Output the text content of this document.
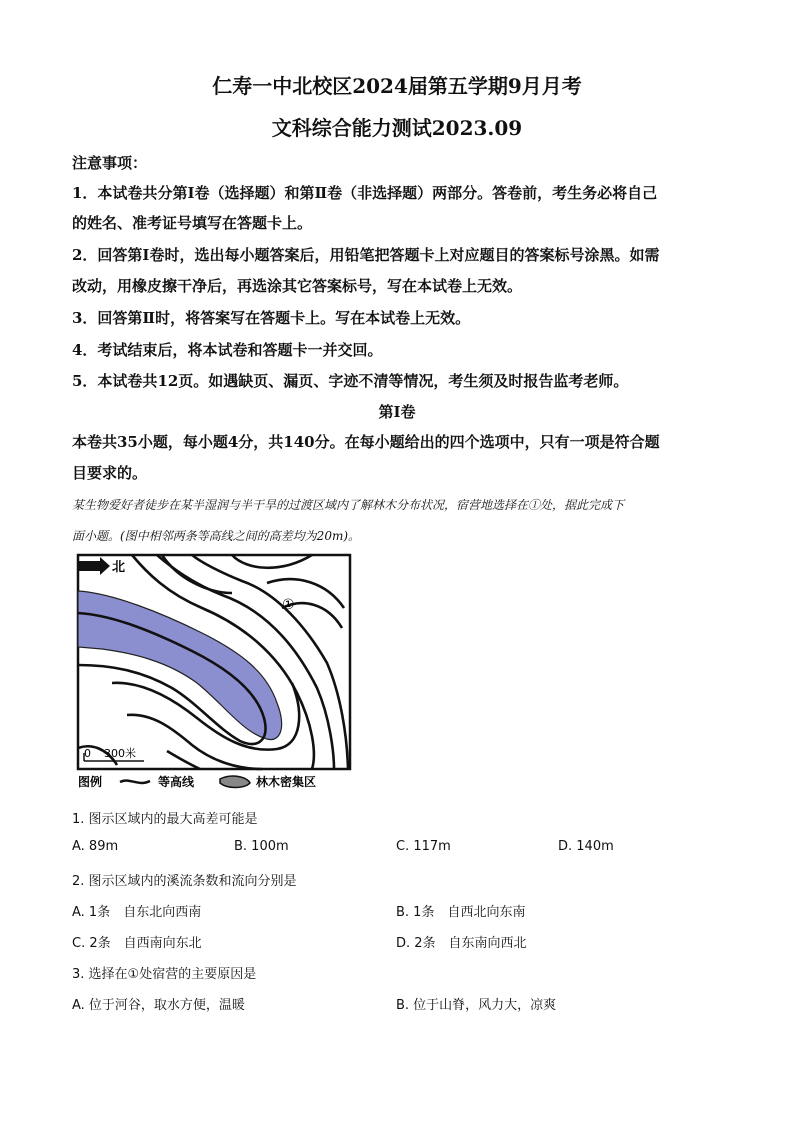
仁寿一中北校区2024届第五学期9月月考
文科综合能力测试2023.09
注意事项：
1．本试卷共分第Ⅰ卷（选择题）和第Ⅱ卷（非选择题）两部分。答卷前，考生务必将自己
的姓名、准考证号填写在答题卡上。
2．回答第Ⅰ卷时，选出每小题答案后，用铅笔把答题卡上对应题目的答案标号涂黑。如需
改动，用橡皮擦干净后，再选涂其它答案标号，写在本试卷上无效。
3．回答第Ⅱ时，将答案写在答题卡上。写在本试卷上无效。
4．考试结束后，将本试卷和答题卡一并交回。
5．本试卷共12页。如遇缺页、漏页、字迹不清等情况，考生须及时报告监考老师。
第Ⅰ卷
本卷共35小题，每小题4分，共140分。在每小题给出的四个选项中，只有一项是符合题
目要求的。
某生物爱好者徒步在某半湿润与半干旱的过渡区域内了解林木分布状况，宿营地选择在①处，据此完成下
面小题。(图中相邻两条等高线之间的高差均为20m)。
北
①
0 300米
图例	等高线	林木密集区
1. 图示区域内的最大高差可能是
A. 89m	B. 100m	C. 117m	D. 140m
2. 图示区域内的溪流条数和流向分别是
A. 1条　自东北向西南	B. 1条　自西北向东南
C. 2条　自西南向东北	D. 2条　自东南向西北
3. 选择在①处宿营的主要原因是
A. 位于河谷，取水方便，温暖	B. 位于山脊，风力大，凉爽
